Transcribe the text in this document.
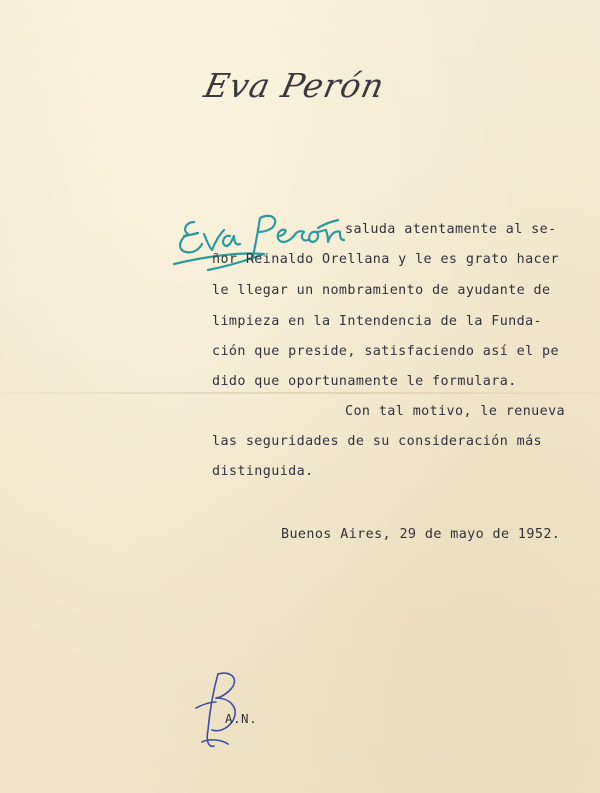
Eva Perón
saluda atentamente al se-
ñor Reinaldo Orellana y le es grato hacer
le llegar un nombramiento de ayudante de
limpieza en la Intendencia de la Funda-
ción que preside, satisfaciendo así el pe
dido que oportunamente le formulara.
Con tal motivo, le renueva
las seguridades de su consideración más
distinguida.
Buenos Aires, 29 de mayo de 1952.
A.N.
